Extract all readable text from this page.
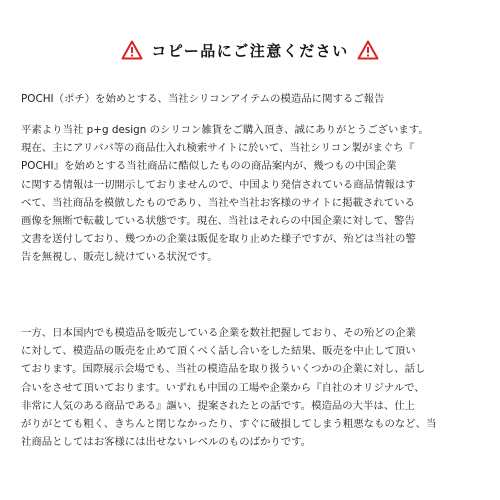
コピー品にご注意ください
POCHI（ポチ）を始めとする、当社シリコンアイテムの模造品に関するご報告
平素より当社 p+g design のシリコン雑貨をご購入頂き、誠にありがとうございます。
現在、主にアリババ等の商品仕入れ検索サイトに於いて、当社シリコン製がまぐち『
POCHI』を始めとする当社商品に酷似したものの商品案内が、幾つもの中国企業
に関する情報は一切開示しておりませんので、中国より発信されている商品情報はす
べて、当社商品を模倣したものであり、当社や当社お客様のサイトに掲載されている
画像を無断で転載している状態です。現在、当社はそれらの中国企業に対して、警告
文書を送付しており、幾つかの企業は販促を取り止めた様子ですが、殆どは当社の警
告を無視し、販売し続けている状況です。
一方、日本国内でも模造品を販売している企業を数社把握しており、その殆どの企業
に対して、模造品の販売を止めて頂くべく話し合いをした結果、販売を中止して頂い
ております。国際展示会場でも、当社の模造品を取り扱ういくつかの企業に対し、話し
合いをさせて頂いております。いずれも中国の工場や企業から『自社のオリジナルで、
非常に人気のある商品である』謳い、提案されたとの話です。模造品の大半は、仕上
がりがとても粗く、きちんと閉じなかったり、すぐに破損してしまう粗悪なものなど、当
社商品としてはお客様には出せないレベルのものばかりです。
